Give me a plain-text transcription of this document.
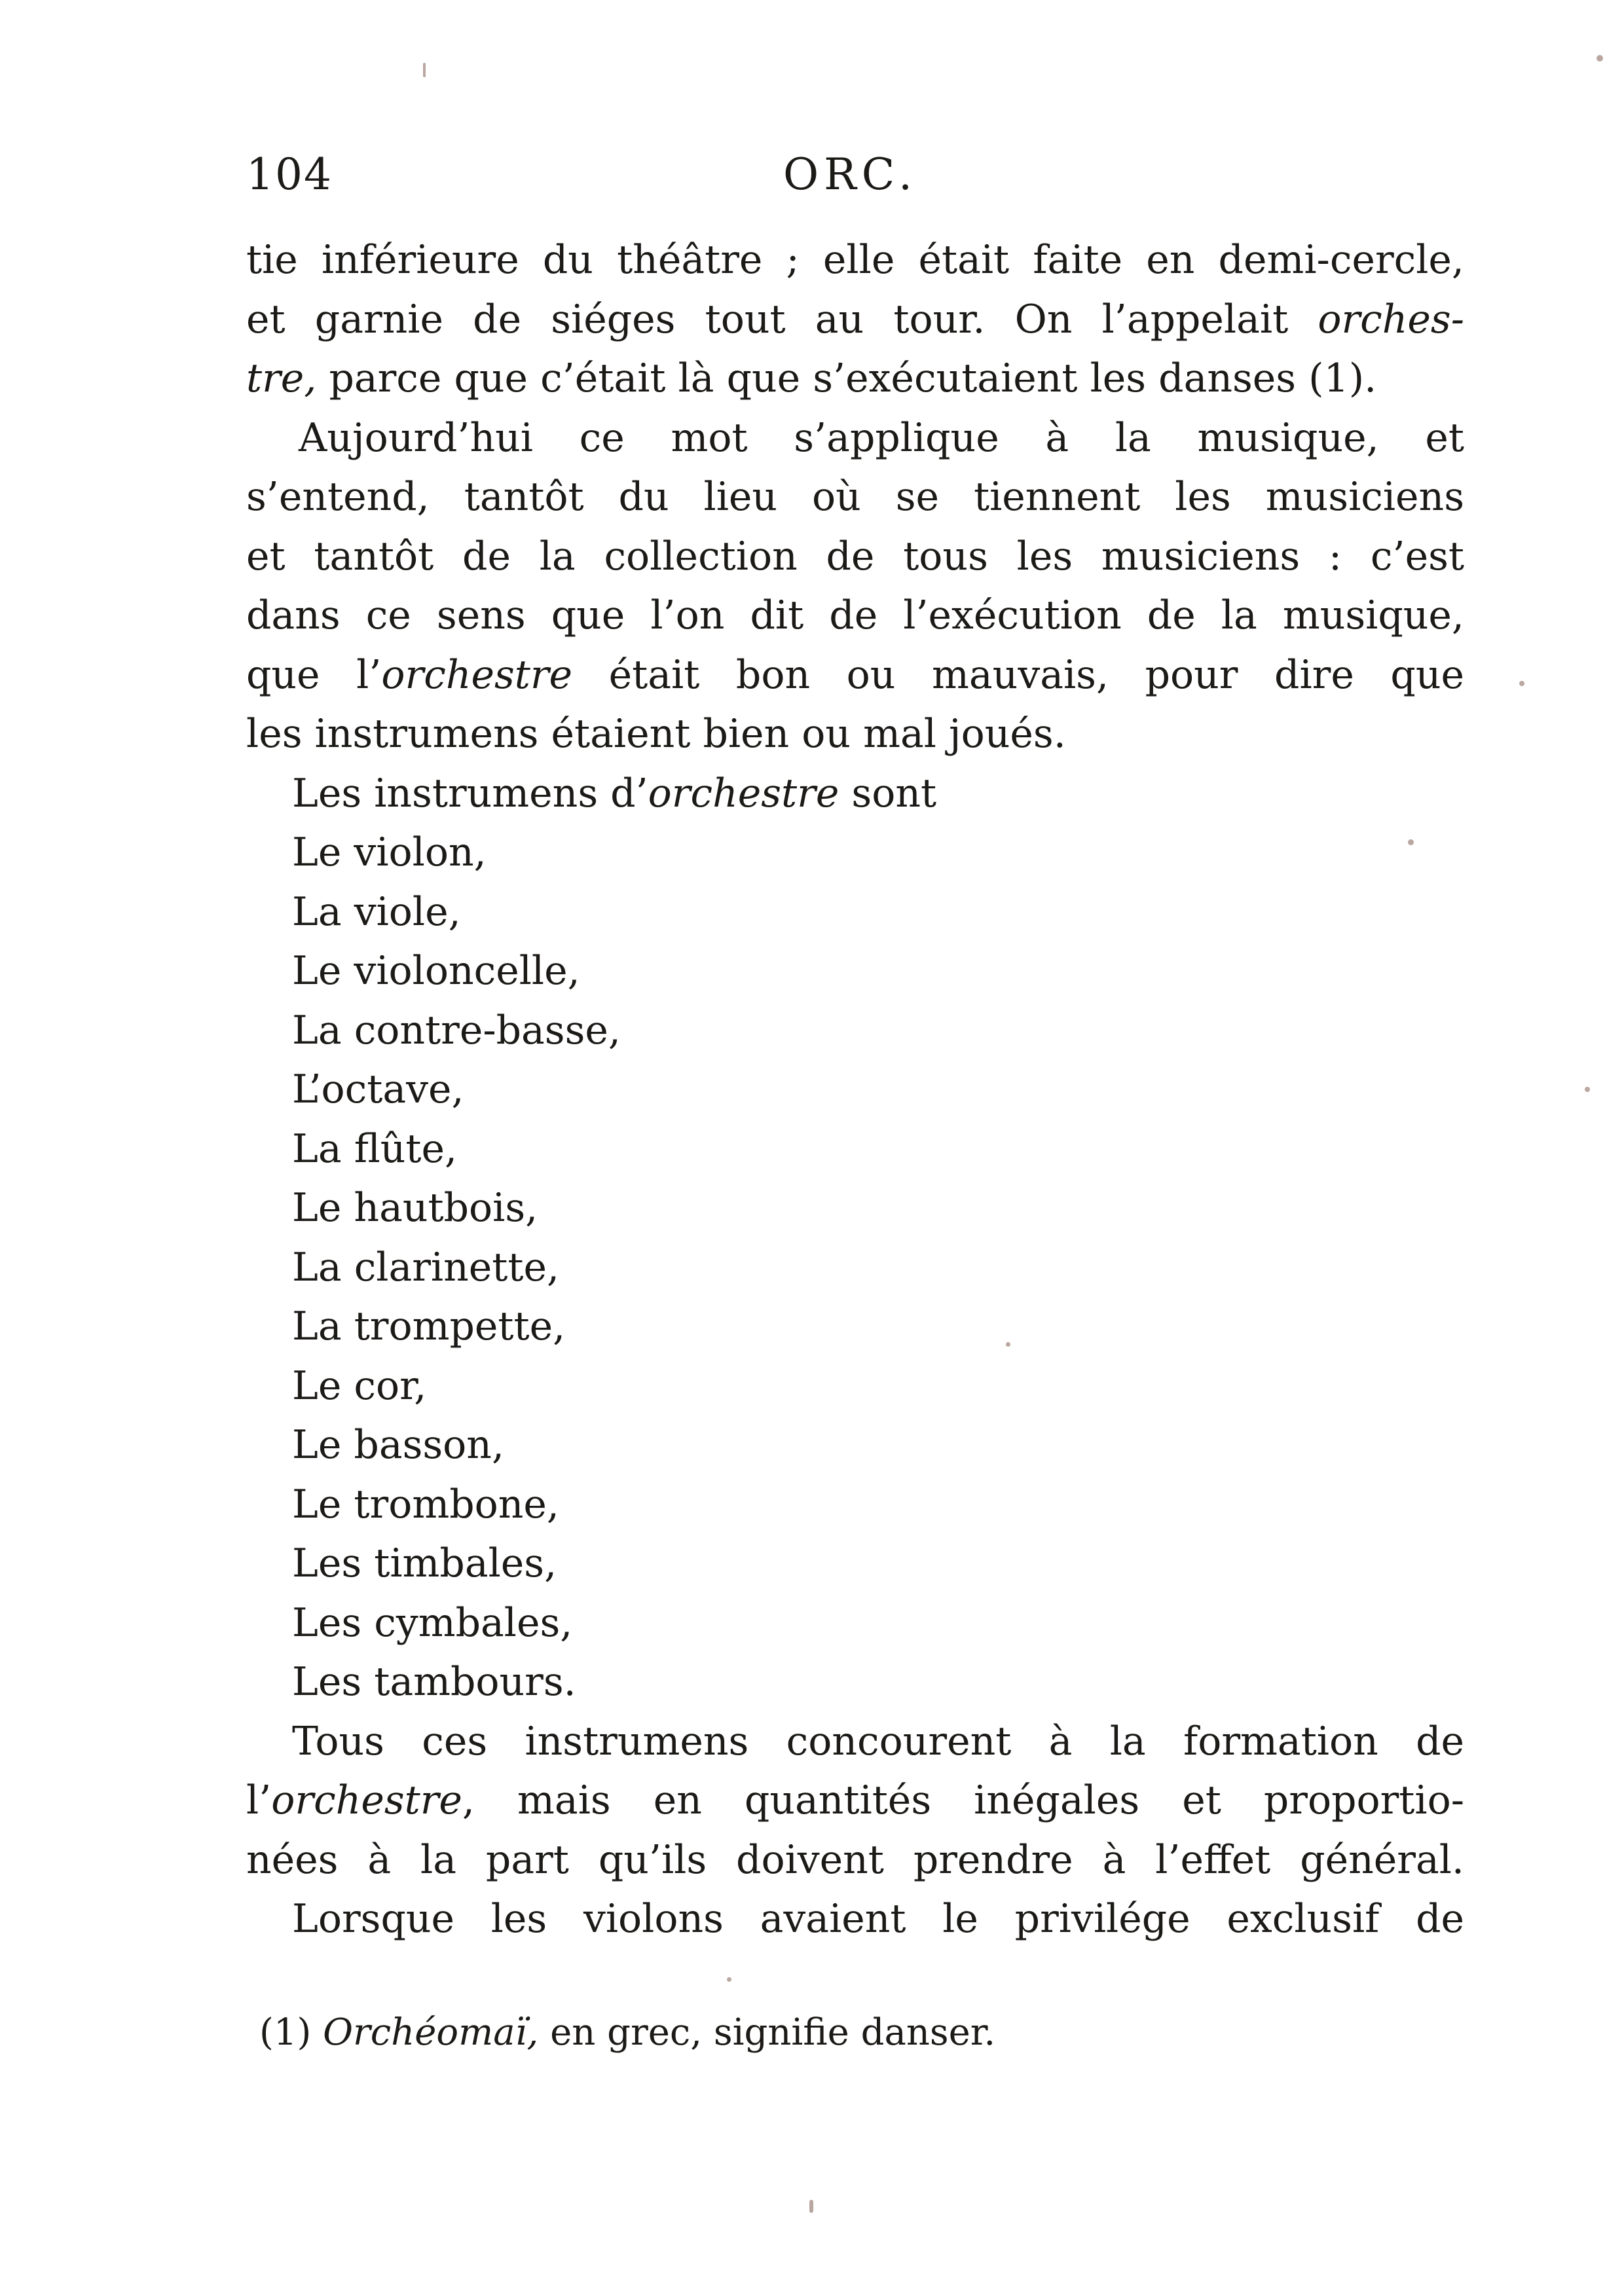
104	ORC.
tie inférieure du théâtre ; elle était faite en demi-cercle,
et garnie de siéges tout au tour. On l’appelait orches-
tre, parce que c’était là que s’exécutaient les danses (1).
Aujourd’hui ce mot s’applique à la musique, et
s’entend, tantôt du lieu où se tiennent les musiciens
et tantôt de la collection de tous les musiciens : c’est
dans ce sens que l’on dit de l’exécution de la musique,
que l’orchestre était bon ou mauvais, pour dire que
les instrumens étaient bien ou mal joués.
Les instrumens d’orchestre sont
Le violon,
La viole,
Le violoncelle,
La contre-basse,
L’octave,
La flûte,
Le hautbois,
La clarinette,
La trompette,
Le cor,
Le basson,
Le trombone,
Les timbales,
Les cymbales,
Les tambours.
Tous ces instrumens concourent à la formation de
l’orchestre, mais en quantités inégales et proportio-
nées à la part qu’ils doivent prendre à l’effet général.
Lorsque les violons avaient le privilége exclusif de
(1) Orchéomaï, en grec, signifie danser.
